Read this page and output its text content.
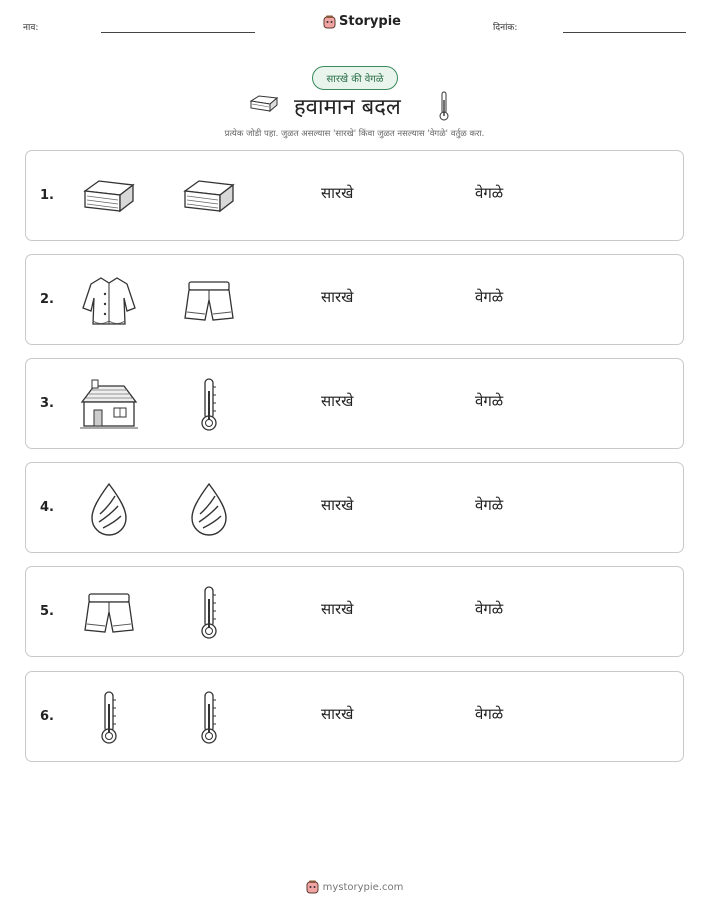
नाव:	Storypie	दिनांक:
सारखे की वेगळे
हवामान बदल
प्रत्येक जोडी पहा. जुळत असल्यास 'सारखे' किंवा जुळत नसल्यास 'वेगळे' वर्तुळ करा.
1.	सारखे	वेगळे
2.	सारखे	वेगळे
3.	सारखे	वेगळे
4.	सारखे	वेगळे
5.	सारखे	वेगळे
6.	सारखे	वेगळे
mystorypie.com
